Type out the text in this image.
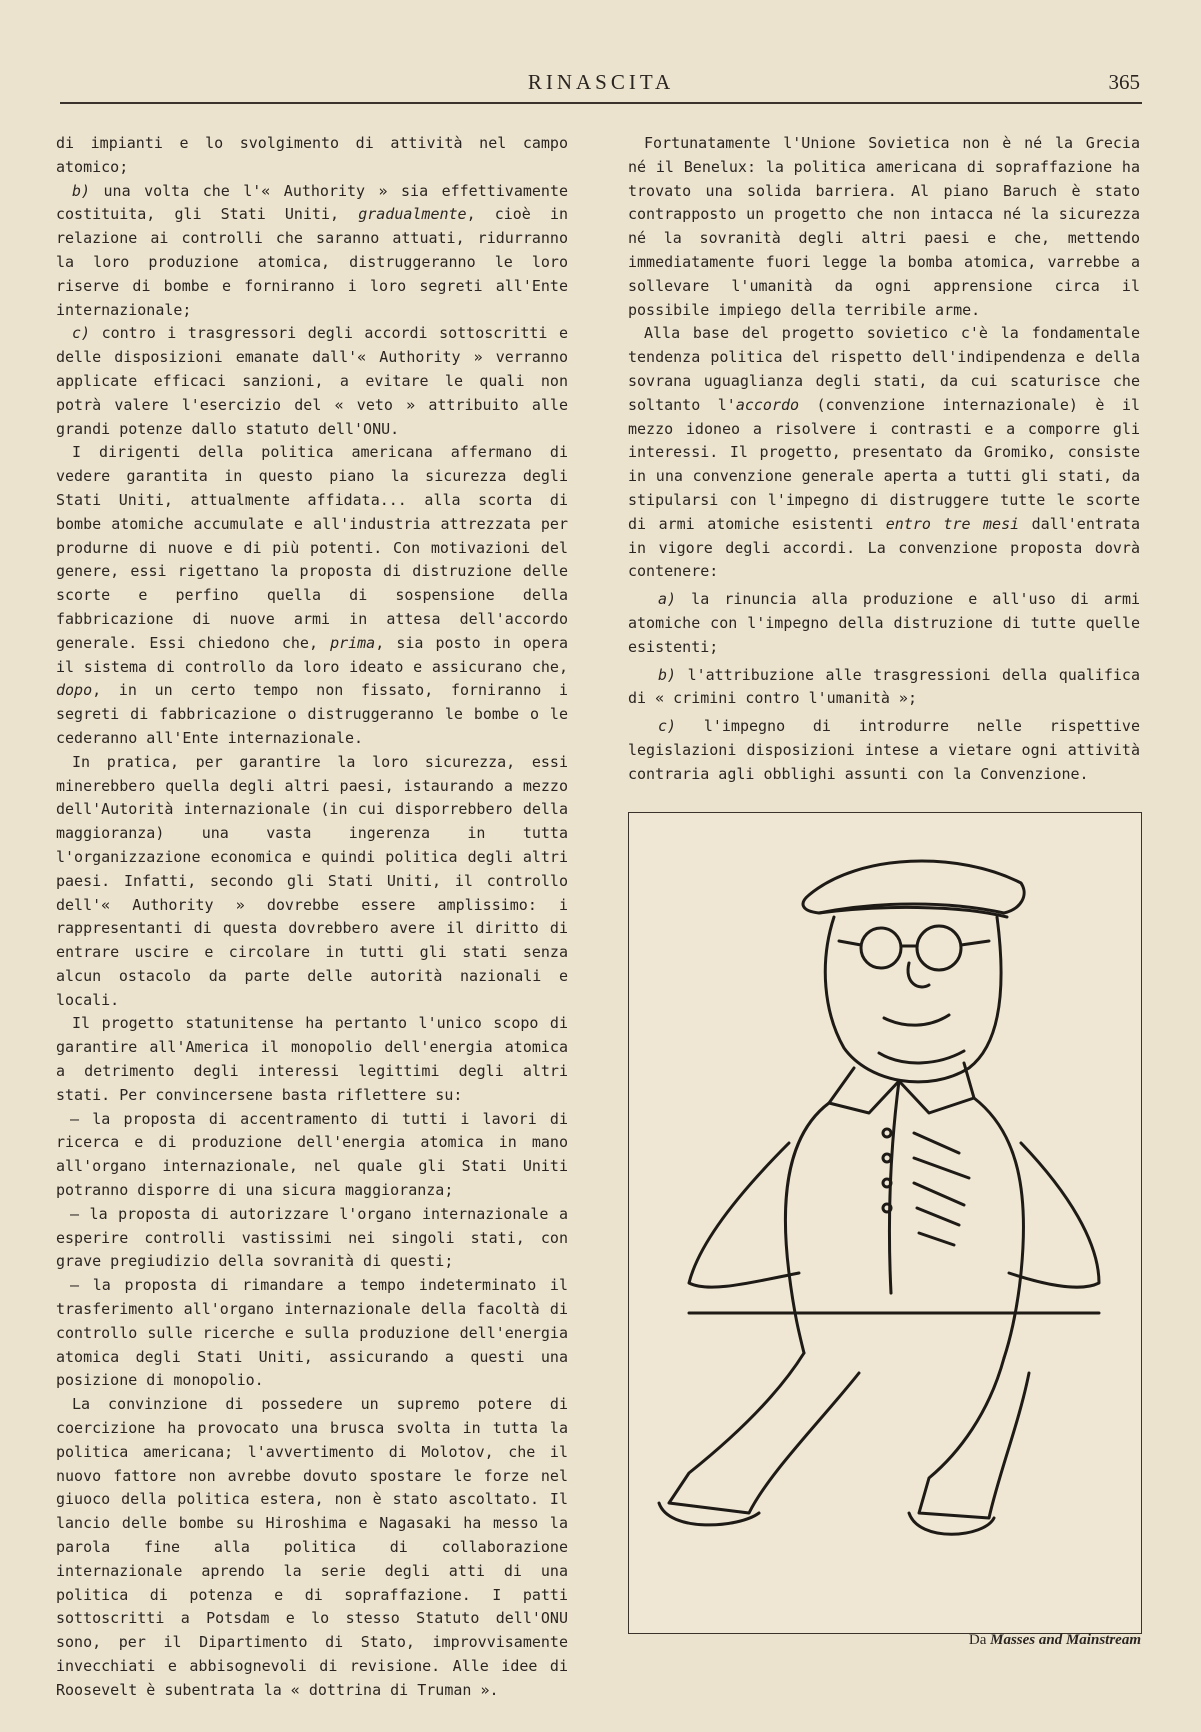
RINASCITA	365

di impianti e lo svolgimento di attività nel campo atomico;

b) una volta che l'« Authority » sia effettivamente costituita, gli Stati Uniti, gradualmente, cioè in relazione ai controlli che saranno attuati, ridurranno la loro produzione atomica, distruggeranno le loro riserve di bombe e forniranno i loro segreti all'Ente internazionale;

c) contro i trasgressori degli accordi sottoscritti e delle disposizioni emanate dall'« Authority » verranno applicate efficaci sanzioni, a evitare le quali non potrà valere l'esercizio del « veto » attribuito alle grandi potenze dallo statuto dell'ONU.

I dirigenti della politica americana affermano di vedere garantita in questo piano la sicurezza degli Stati Uniti, attualmente affidata... alla scorta di bombe atomiche accumulate e all'industria attrezzata per produrne di nuove e di più potenti. Con motivazioni del genere, essi rigettano la proposta di distruzione delle scorte e perfino quella di sospensione della fabbricazione di nuove armi in attesa dell'accordo generale. Essi chiedono che, prima, sia posto in opera il sistema di controllo da loro ideato e assicurano che, dopo, in un certo tempo non fissato, forniranno i segreti di fabbricazione o distruggeranno le bombe o le cederanno all'Ente internazionale.

In pratica, per garantire la loro sicurezza, essi minerebbero quella degli altri paesi, istaurando a mezzo dell'Autorità internazionale (in cui disporrebbero della maggioranza) una vasta ingerenza in tutta l'organizzazione economica e quindi politica degli altri paesi. Infatti, secondo gli Stati Uniti, il controllo dell'« Authority » dovrebbe essere amplissimo: i rappresentanti di questa dovrebbero avere il diritto di entrare uscire e circolare in tutti gli stati senza alcun ostacolo da parte delle autorità nazionali e locali.

Il progetto statunitense ha pertanto l'unico scopo di garantire all'America il monopolio dell'energia atomica a detrimento degli interessi legittimi degli altri stati. Per convincersene basta riflettere su:

— la proposta di accentramento di tutti i lavori di ricerca e di produzione dell'energia atomica in mano all'organo internazionale, nel quale gli Stati Uniti potranno disporre di una sicura maggioranza;

— la proposta di autorizzare l'organo internazionale a esperire controlli vastissimi nei singoli stati, con grave pregiudizio della sovranità di questi;

— la proposta di rimandare a tempo indeterminato il trasferimento all'organo internazionale della facoltà di controllo sulle ricerche e sulla produzione dell'energia atomica degli Stati Uniti, assicurando a questi una posizione di monopolio.

La convinzione di possedere un supremo potere di coercizione ha provocato una brusca svolta in tutta la politica americana; l'avvertimento di Molotov, che il nuovo fattore non avrebbe dovuto spostare le forze nel giuoco della politica estera, non è stato ascoltato. Il lancio delle bombe su Hiroshima e Nagasaki ha messo la parola fine alla politica di collaborazione internazionale aprendo la serie degli atti di una politica di potenza e di sopraffazione. I patti sottoscritti a Potsdam e lo stesso Statuto dell'ONU sono, per il Dipartimento di Stato, improvvisamente invecchiati e abbisognevoli di revisione. Alle idee di Roosevelt è subentrata la « dottrina di Truman ».

Fortunatamente l'Unione Sovietica non è né la Grecia né il Benelux: la politica americana di sopraffazione ha trovato una solida barriera. Al piano Baruch è stato contrapposto un progetto che non intacca né la sicurezza né la sovranità degli altri paesi e che, mettendo immediatamente fuori legge la bomba atomica, varrebbe a sollevare l'umanità da ogni apprensione circa il possibile impiego della terribile arme.

Alla base del progetto sovietico c'è la fondamentale tendenza politica del rispetto dell'indipendenza e della sovrana uguaglianza degli stati, da cui scaturisce che soltanto l'accordo (convenzione internazionale) è il mezzo idoneo a risolvere i contrasti e a comporre gli interessi. Il progetto, presentato da Gromiko, consiste in una convenzione generale aperta a tutti gli stati, da stipularsi con l'impegno di distruggere tutte le scorte di armi atomiche esistenti entro tre mesi dall'entrata in vigore degli accordi. La convenzione proposta dovrà contenere:

a) la rinuncia alla produzione e all'uso di armi atomiche con l'impegno della distruzione di tutte quelle esistenti;

b) l'attribuzione alle trasgressioni della qualifica di « crimini contro l'umanità »;

c) l'impegno di introdurre nelle rispettive legislazioni disposizioni intese a vietare ogni attività contraria agli obblighi assunti con la Convenzione.

Da Masses and Mainstream
